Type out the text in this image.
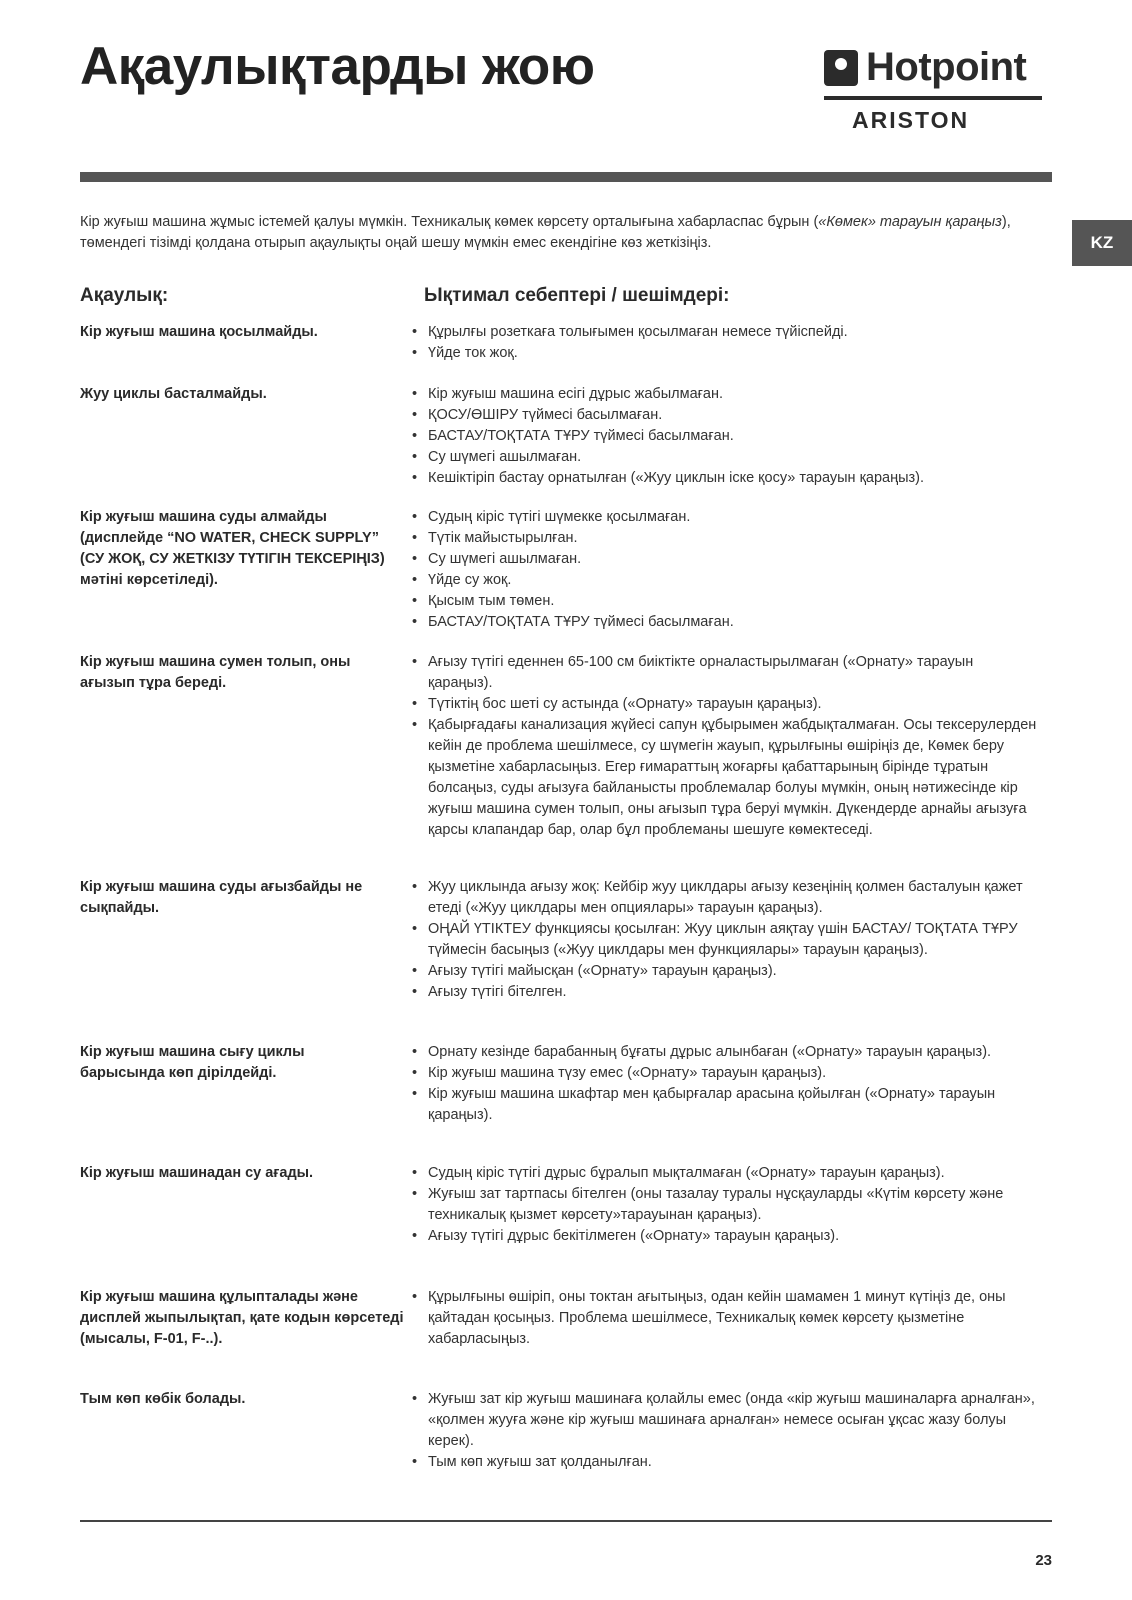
Ақаулықтарды жою	Hotpoint
ARISTON
KZ

Кір жуғыш машина жұмыс істемей қалуы мүмкін. Техникалық көмек көрсету орталығына хабарласпас бұрын («Көмек» тарауын қараңыз), төмендегі тізімді қолдана отырып ақаулықты оңай шешу мүмкін емес екендігіне көз жеткізіңіз.

Ақаулық:	Ықтимал себептері / шешімдері:
Кір жуғыш машина қосылмайды.	• Құрылғы розеткаға толығымен қосылмаған немесе түйіспейді.
• Үйде ток жоқ.
Жуу циклы басталмайды.	• Кір жуғыш машина есігі дұрыс жабылмаған.
• ҚОСУ/ӨШІРУ түймесі басылмаған.
• БАСТАУ/ТОҚТАТА ТҰРУ түймесі басылмаған.
• Су шүмегі ашылмаған.
• Кешіктіріп бастау орнатылған («Жуу циклын іске қосу» тарауын қараңыз).
Кір жуғыш машина суды алмайды (дисплейде “NO WATER, CHECK SUPPLY” (СУ ЖОҚ, СУ ЖЕТКІЗУ ТҮТІГІН ТЕКСЕРІҢІЗ) мәтіні көрсетіледі).
• Судың кіріс түтігі шүмекке қосылмаған.
• Түтік майыстырылған.
• Су шүмегі ашылмаған.
• Үйде су жоқ.
• Қысым тым төмен.
• БАСТАУ/ТОҚТАТА ТҰРУ түймесі басылмаған.
Кір жуғыш машина сумен толып, оны ағызып тұра береді.
• Ағызу түтігі еденнен 65-100 см биіктікте орналастырылмаған («Орнату» тарауын қараңыз).
• Түтіктің бос шеті су астында («Орнату» тарауын қараңыз).
• Қабырғадағы канализация жүйесі сапун құбырымен жабдықталмаған. Осы тексерулерден кейін де проблема шешілмесе, су шүмегін жауып, құрылғыны өшіріңіз де, Көмек беру қызметіне хабарласыңыз. Егер ғимараттың жоғарғы қабаттарының бірінде тұратын болсаңыз, суды ағызуға байланысты проблемалар болуы мүмкін, оның нәтижесінде кір жуғыш машина сумен толып, оны ағызып тұра беруі мүмкін. Дүкендерде арнайы ағызуға қарсы клапандар бар, олар бұл проблеманы шешуге көмектеседі.
Кір жуғыш машина суды ағызбайды не сықпайды.
• Жуу циклында ағызу жоқ: Кейбір жуу циклдары ағызу кезеңінің қолмен басталуын қажет етеді («Жуу циклдары мен опциялары» тарауын қараңыз).
• ОҢАЙ ҮТІКТЕУ функциясы қосылған: Жуу циклын аяқтау үшін БАСТАУ/ ТОҚТАТА ТҰРУ түймесін басыңыз («Жуу циклдары мен функциялары» тарауын қараңыз).
• Ағызу түтігі майысқан («Орнату» тарауын қараңыз).
• Ағызу түтігі бітелген.
Кір жуғыш машина сығу циклы барысында көп дірілдейді.
• Орнату кезінде барабанның бұғаты дұрыс алынбаған («Орнату» тарауын қараңыз).
• Кір жуғыш машина түзу емес («Орнату» тарауын қараңыз).
• Кір жуғыш машина шкафтар мен қабырғалар арасына қойылған («Орнату» тарауын қараңыз).
Кір жуғыш машинадан су ағады.	• Судың кіріс түтігі дұрыс бұралып мықталмаған («Орнату» тарауын қараңыз).
• Жуғыш зат тартпасы бітелген (оны тазалау туралы нұсқауларды «Күтім көрсету және техникалық қызмет көрсету»тарауынан қараңыз).
• Ағызу түтігі дұрыс бекітілмеген («Орнату» тарауын қараңыз).
Кір жуғыш машина құлыпталады және дисплей жыпылықтап, қате кодын көрсетеді (мысалы, F-01, F-..).
• Құрылғыны өшіріп, оны токтан ағытыңыз, одан кейін шамамен 1 минут күтіңіз де, оны қайтадан қосыңыз. Проблема шешілмесе, Техникалық көмек көрсету қызметіне хабарласыңыз.
Тым көп көбік болады.	• Жуғыш зат кір жуғыш машинаға қолайлы емес (онда «кір жуғыш машиналарға арналған», «қолмен жууға және кір жуғыш машинаға арналған» немесе осыған ұқсас жазу болуы керек).
• Тым көп жуғыш зат қолданылған.
23
